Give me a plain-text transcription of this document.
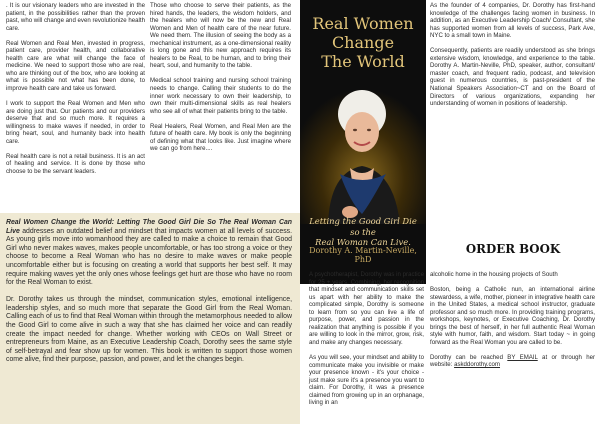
. It is our visionary leaders who are invested in the patient, in the possibilities rather than the proven past, who will change and even revolutionize health care.

Real Women and Real Men, invested in progress, patient care, provider health, and collaborative health care are what will change the face of medicine. We need to support those who are real, who are thinking out of the box, who are looking at what is possible not what has been done, to improve health care and take us forward.

I work to support the Real Women and Men who are doing just that. Our patients and our providers deserve that and so much more. It requires a willingness to make waves if needed, in order to bring heart, soul, and humanity back into health care.

Real health care is not a retail business. It is an act of healing and service. It is done by those who choose to be the servant leaders.

Those who choose to serve their patients, as the hired hands, the leaders, the wisdom holders, and the healers who will now be the new and Real Women and Men of health care of the near future. We need them. The illusion of seeing the body as a mechanical instrument, as a one-dimensional reality is long gone and this new approach requires its healers to be Real, to be human, and to bring their heart, soul, and humanity to the table.

Medical school training and nursing school training needs to change. Calling their students to do the inner work necessary to own their leadership, to own their multi-dimensional skills as real healers who see all of what their patients bring to the table.

Real Healers, Real Women, and Real Men are the future of health care. My book is only the beginning of defining what that looks like. Just imagine where we can go from here....

Real Women
Change
The World
Letting the Good Girl Die so the
Real Woman Can Live.
Dorothy A. Martin-Neville, PhD

As the founder of 4 companies, Dr. Dorothy has first-hand knowledge of the challenges facing women in business. In addition, as an Executive Leadership Coach/ Consultant, she has supported women from all levels of success, Park Ave, NYC to a small town in Maine.

Consequently, patients are readily understood as she brings extensive wisdom, knowledge, and experience to the table. Dorothy A. Martin-Neville, PhD, speaker, author, consultant/ master coach, and frequent radio, podcast, and television guest in numerous countries, is past-president of the National Speakers Association~CT and on the Board of Directors of various organizations, expanding her understanding of women in positions of leadership.

ORDER BOOK

Real Women Change the World: Letting The Good Girl Die So The Real Woman Can Live addresses an outdated belief and mindset that impacts women at all levels of success. As young girls move into womanhood they are called to make a choice to remain that Good Girl who never makes waves, makes people uncomfortable, or has too strong a voice or they choose to become a Real Woman who has no desire to make waves or make people uncomfortable either but is focusing on creating a world that supports her best self. It may require making waves yet the only ones whose feelings get hurt are those who have no room for the Real Woman to exist.

Dr. Dorothy takes us through the mindset, communication styles, emotional intelligence, leadership styles, and so much more that separate the Good Girl from the Real Woman. Calling each of us to find that Real Woman within through the metamorphous needed to allow the Good Girl to come alive in such a way that she has claimed her voice and can readily create the impact needed for change. Whether working with CEOs on Wall Street or entrepreneurs from Maine, as an Executive Leadership Coach, Dorothy sees the same style of self-betrayal and fear show up for women. This book is written to support those women come alive, find their purpose, passion, and power, and let the changes begin.

A psychotherapist, Dorothy was in practice for 25 + years. Combining, her recognition that mindset and communication skills set us apart with her ability to make the complicated simple, Dorothy is someone to learn from so you can live a life of purpose, power, and passion in the realization that anything is possible if you are willing to look in the mirror, grow, risk, and make any changes necessary.

As you will see, your mindset and ability to communicate make you invisible or make your presence known - it's your choice - just make sure it's a presence you want to claim. For Dorothy, it was a presence claimed from growing up in an orphanage, living in an

alcoholic home in the housing projects of South

Boston, being a Catholic nun, an international airline stewardess, a wife, mother, pioneer in integrative health care in the United States, a medical school instructor, graduate professor and so much more. In providing training programs, workshops, keynotes, or Executive Coaching, Dr. Dorothy brings the best of herself, in her full authentic Real Woman style with humor, faith, and wisdom. Start today ~ in going forward as the Real Woman you are called to be.

Dorothy can be reached BY EMAIL at or through her website: askddorothy.com
